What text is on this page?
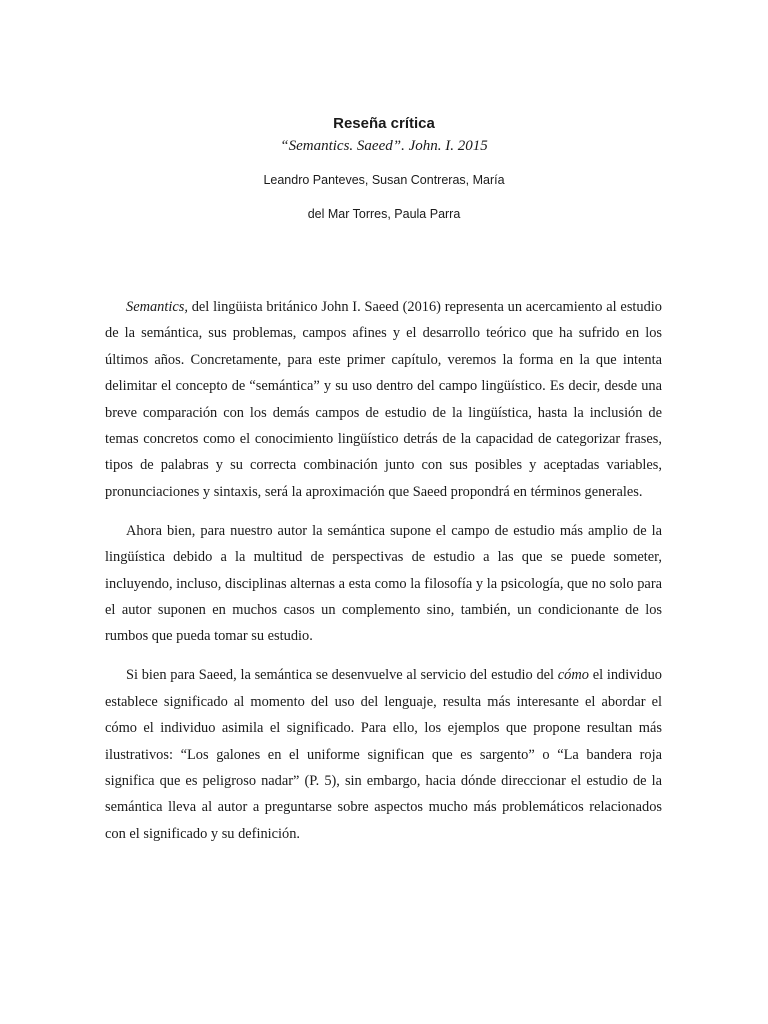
Reseña crítica

“Semantics. Saeed”. John. I. 2015

Leandro Panteves, Susan Contreras, María

del Mar Torres, Paula Parra

Semantics, del lingüista británico John I. Saeed (2016) representa un acercamiento al estudio de la semántica, sus problemas, campos afines y el desarrollo teórico que ha sufrido en los últimos años. Concretamente, para este primer capítulo, veremos la forma en la que intenta delimitar el concepto de “semántica” y su uso dentro del campo lingüístico. Es decir, desde una breve comparación con los demás campos de estudio de la lingüística, hasta la inclusión de temas concretos como el conocimiento lingüístico detrás de la capacidad de categorizar frases, tipos de palabras y su correcta combinación junto con sus posibles y aceptadas variables, pronunciaciones y sintaxis, será la aproximación que Saeed propondrá en términos generales.

Ahora bien, para nuestro autor la semántica supone el campo de estudio más amplio de la lingüística debido a la multitud de perspectivas de estudio a las que se puede someter, incluyendo, incluso, disciplinas alternas a esta como la filosofía y la psicología, que no solo para el autor suponen en muchos casos un complemento sino, también, un condicionante de los rumbos que pueda tomar su estudio.

Si bien para Saeed, la semántica se desenvuelve al servicio del estudio del cómo el individuo establece significado al momento del uso del lenguaje, resulta más interesante el abordar el cómo el individuo asimila el significado. Para ello, los ejemplos que propone resultan más ilustrativos: “Los galones en el uniforme significan que es sargento” o “La bandera roja significa que es peligroso nadar” (P. 5), sin embargo, hacia dónde direccionar el estudio de la semántica lleva al autor a preguntarse sobre aspectos mucho más problemáticos relacionados con el significado y su definición.
